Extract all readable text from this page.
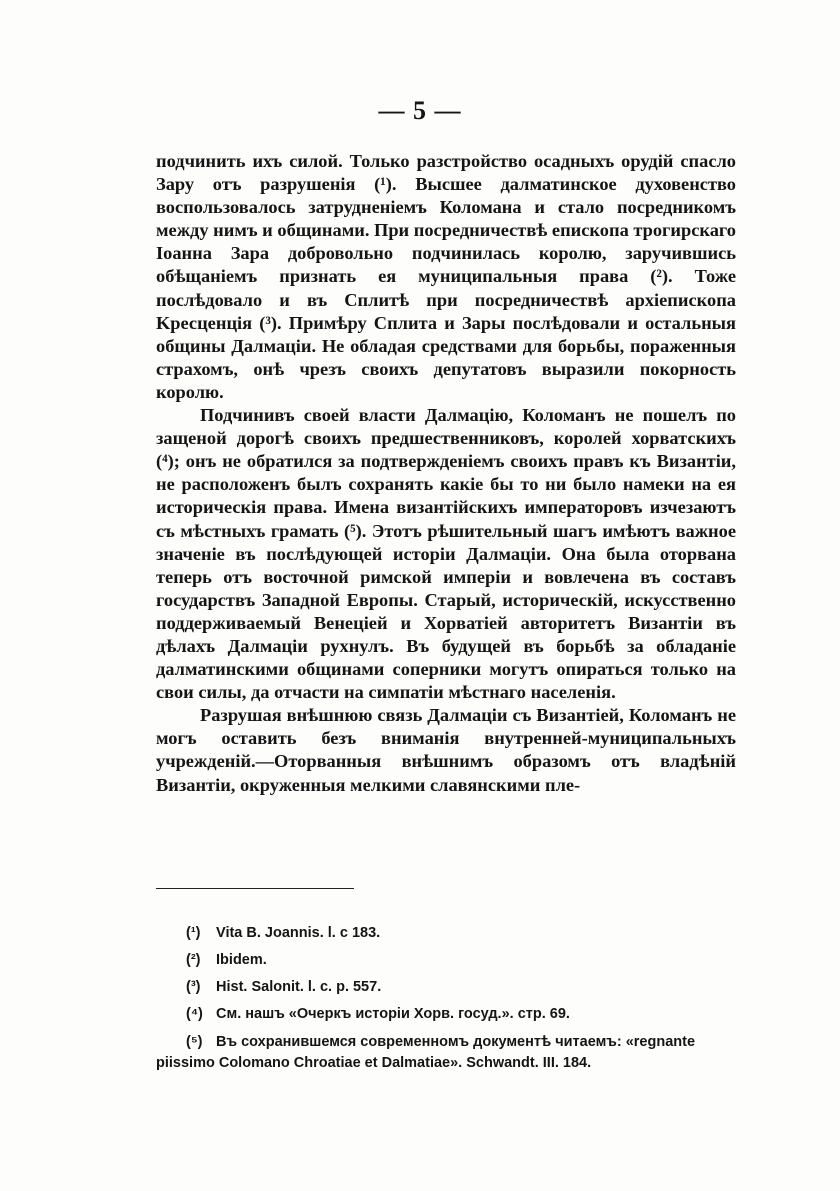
— 5 —

подчинить ихъ силой. Только разстройство осадныхъ орудій спасло Зару отъ разрушенія (¹). Высшее далматинское духовенство воспользовалось затрудненіемъ Коломана и стало посредникомъ между нимъ и общинами. При посредничествѣ епископа трогирскаго Іоанна Зара добровольно подчинилась королю, заручившись обѣщаніемъ признать ея муниципальныя права (²). Тоже послѣдовало и въ Сплитѣ при посредничествѣ архіепископа Kресценція (³). Примѣру Сплита и Зары послѣдовали и остальныя общины Далмаціи. Не обладая средствами для борьбы, пораженныя страхомъ, онѣ чрезъ своихъ депутатовъ выразили покорность королю.

Подчинивъ своей власти Далмацію, Коломанъ не пошелъ по защеной дорогѣ своихъ предшественниковъ, королей хорватскихъ (⁴); онъ не обратился за подтвержденіемъ своихъ правъ къ Византіи, не расположенъ былъ сохранять какіе бы то ни было намеки на ея историческія права. Имена византійскихъ императоровъ изчезаютъ съ мѣстныхъ грамать (⁵). Этотъ рѣшительный шагъ имѣютъ важное значеніе въ послѣдующей исторіи Далмаціи. Она была оторвана теперь отъ восточной римской имперіи и вовлечена въ составъ государствъ Западной Европы. Старый, историческій, искусственно поддерживаемый Венеціей и Хорватіей авторитетъ Византіи въ дѣлахъ Далмаціи рухнулъ. Въ будущей въ борьбѣ за обладаніе далматинскими общинами соперники могутъ опираться только на свои силы, да отчасти на симпатіи мѣстнаго населенія.

Разрушая внѣшнюю связь Далмаціи съ Византіей, Коломанъ не могъ оставить безъ вниманія внутренней-муниципальныхъ учрежденій.—Оторванныя внѣшнимъ образомъ отъ владѣній Византіи, окруженныя мелкими славянскими пле-

(¹) Vita B. Joannis. l. c 183.

(²) Ibidem.

(³) Hist. Salonit. l. c. p. 557.

(⁴) См. нашъ «Очеркъ исторіи Хорв. госуд.». стр. 69.

(⁵) Въ сохранившемся современномъ документѣ читаемъ: «regnante

piissimo Colomano Chroatiae et Dalmatiae». Schwandt. III. 184.
